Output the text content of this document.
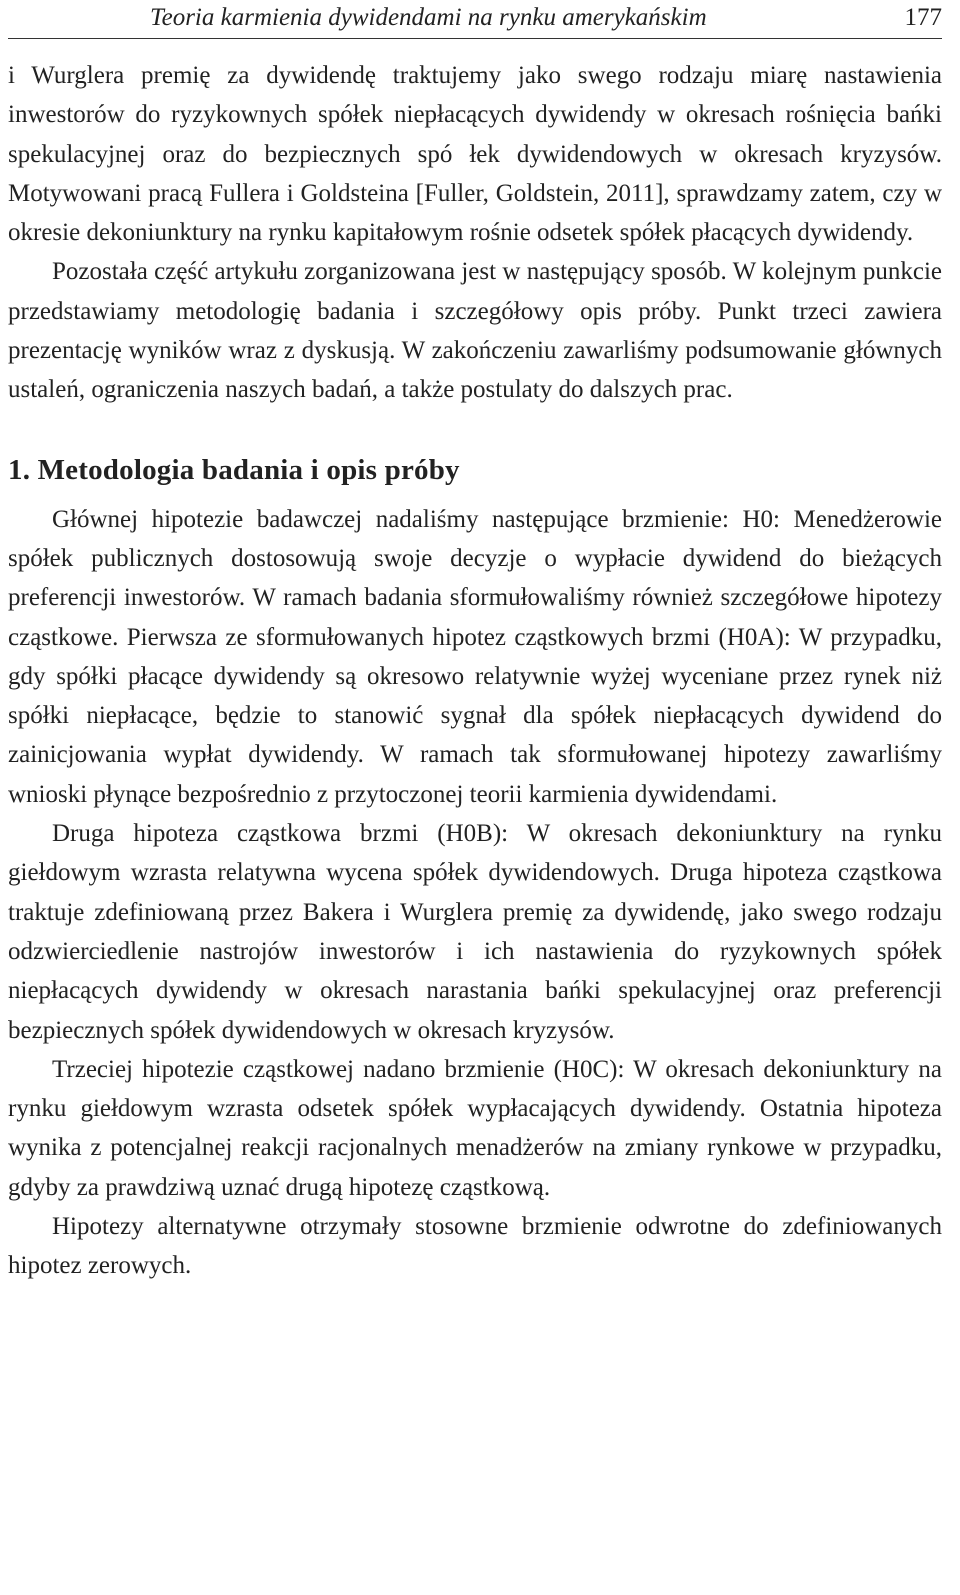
Teoria karmienia dywidendami na rynku amerykańskim	177

i Wurglera premię za dywidendę traktujemy jako swego rodzaju miarę nastawienia inwestorów do ryzykownych spółek niepłacących dywidendy w okresach rośnięcia bańki spekulacyjnej oraz do bezpiecznych spó łek dywidendowych w okresach kryzysów. Motywowani pracą Fullera i Goldsteina [Fuller, Goldstein, 2011], sprawdzamy zatem, czy w okresie dekoniunktury na rynku kapitałowym rośnie odsetek spółek płacących dywidendy.

Pozostała część artykułu zorganizowana jest w następujący sposób. W kolejnym punkcie przedstawiamy metodologię badania i szczegółowy opis próby. Punkt trzeci zawiera prezentację wyników wraz z dyskusją. W zakończeniu zawarliśmy podsumowanie głównych ustaleń, ograniczenia naszych badań, a także postulaty do dalszych prac.

1. Metodologia badania i opis próby

Głównej hipotezie badawczej nadaliśmy następujące brzmienie: H0: Menedżerowie spółek publicznych dostosowują swoje decyzje o wypłacie dywidend do bieżących preferencji inwestorów. W ramach badania sformułowaliśmy również szczegółowe hipotezy cząstkowe. Pierwsza ze sformułowanych hipotez cząstkowych brzmi (H0A): W przypadku, gdy spółki płacące dywidendy są okresowo relatywnie wyżej wyceniane przez rynek niż spółki niepłacące, będzie to stanowić sygnał dla spółek niepłacących dywidend do zainicjowania wypłat dywidendy. W ramach tak sformułowanej hipotezy zawarliśmy wnioski płynące bezpośrednio z przytoczonej teorii karmienia dywidendami.

Druga hipoteza cząstkowa brzmi (H0B): W okresach dekoniunktury na rynku giełdowym wzrasta relatywna wycena spółek dywidendowych. Druga hipoteza cząstkowa traktuje zdefiniowaną przez Bakera i Wurglera premię za dywidendę, jako swego rodzaju odzwierciedlenie nastrojów inwestorów i ich nastawienia do ryzykownych spółek niepłacących dywidendy w okresach narastania bańki spekulacyjnej oraz preferencji bezpiecznych spółek dywidendowych w okresach kryzysów.

Trzeciej hipotezie cząstkowej nadano brzmienie (H0C): W okresach dekoniunktury na rynku giełdowym wzrasta odsetek spółek wypłacających dywidendy. Ostatnia hipoteza wynika z potencjalnej reakcji racjonalnych menadżerów na zmiany rynkowe w przypadku, gdyby za prawdziwą uznać drugą hipotezę cząstkową.

Hipotezy alternatywne otrzymały stosowne brzmienie odwrotne do zdefiniowanych hipotez zerowych.
